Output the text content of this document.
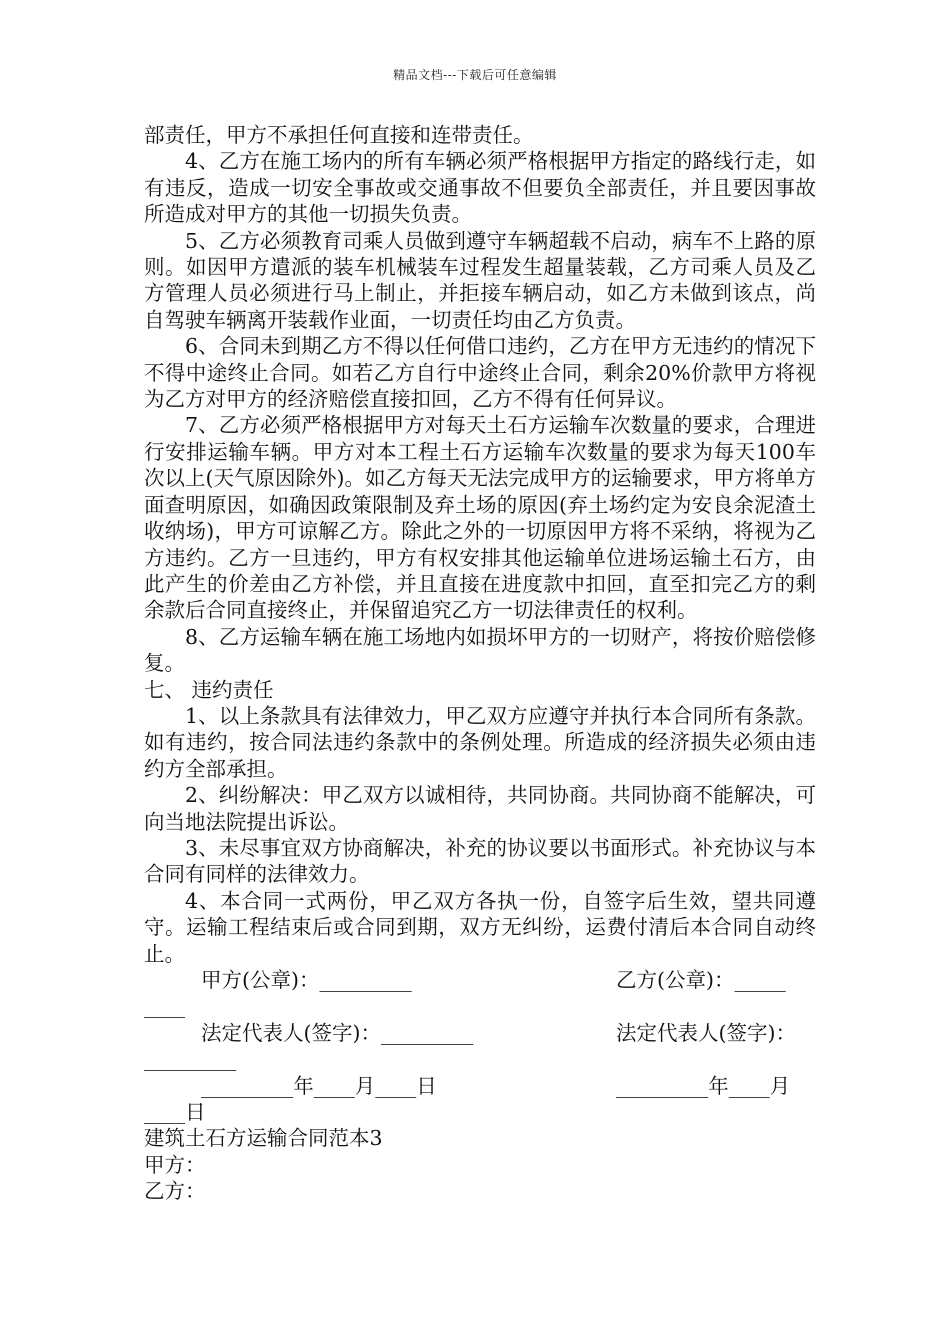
精品文档---下载后可任意编辑

部责任，甲方不承担任何直接和连带责任。

4、乙方在施工场内的所有车辆必须严格根据甲方指定的路线行走，如有违反，造成一切安全事故或交通事故不但要负全部责任，并且要因事故所造成对甲方的其他一切损失负责。

5、乙方必须教育司乘人员做到遵守车辆超载不启动，病车不上路的原则。如因甲方遣派的装车机械装车过程发生超量装载，乙方司乘人员及乙方管理人员必须进行马上制止，并拒接车辆启动，如乙方未做到该点，尚自驾驶车辆离开装载作业面，一切责任均由乙方负责。

6、合同未到期乙方不得以任何借口违约，乙方在甲方无违约的情况下不得中途终止合同。如若乙方自行中途终止合同，剩余20%价款甲方将视为乙方对甲方的经济赔偿直接扣回，乙方不得有任何异议。

7、乙方必须严格根据甲方对每天土石方运输车次数量的要求，合理进行安排运输车辆。甲方对本工程土石方运输车次数量的要求为每天100车次以上(天气原因除外)。如乙方每天无法完成甲方的运输要求，甲方将单方面查明原因，如确因政策限制及弃土场的原因(弃土场约定为安良余泥渣土收纳场)，甲方可谅解乙方。除此之外的一切原因甲方将不采纳，将视为乙方违约。乙方一旦违约，甲方有权安排其他运输单位进场运输土石方，由此产生的价差由乙方补偿，并且直接在进度款中扣回，直至扣完乙方的剩余款后合同直接终止，并保留追究乙方一切法律责任的权利。

8、乙方运输车辆在施工场地内如损坏甲方的一切财产，将按价赔偿修复。

七、 违约责任

1、以上条款具有法律效力，甲乙双方应遵守并执行本合同所有条款。如有违约，按合同法违约条款中的条例处理。所造成的经济损失必须由违约方全部承担。

2、纠纷解决：甲乙双方以诚相待，共同协商。共同协商不能解决，可向当地法院提出诉讼。

3、未尽事宜双方协商解决，补充的协议要以书面形式。补充协议与本合同有同样的法律效力。

4、本合同一式两份，甲乙双方各执一份，自签字后生效，望共同遵守。运输工程结束后或合同到期，双方无纠纷，运费付清后本合同自动终止。

甲方(公章)：_________	乙方(公章)：_____

____

法定代表人(签字)：_________	法定代表人(签字)：

_________

_________年____月____日	_________年____月

____日

建筑土石方运输合同范本3

甲方：

乙方：
